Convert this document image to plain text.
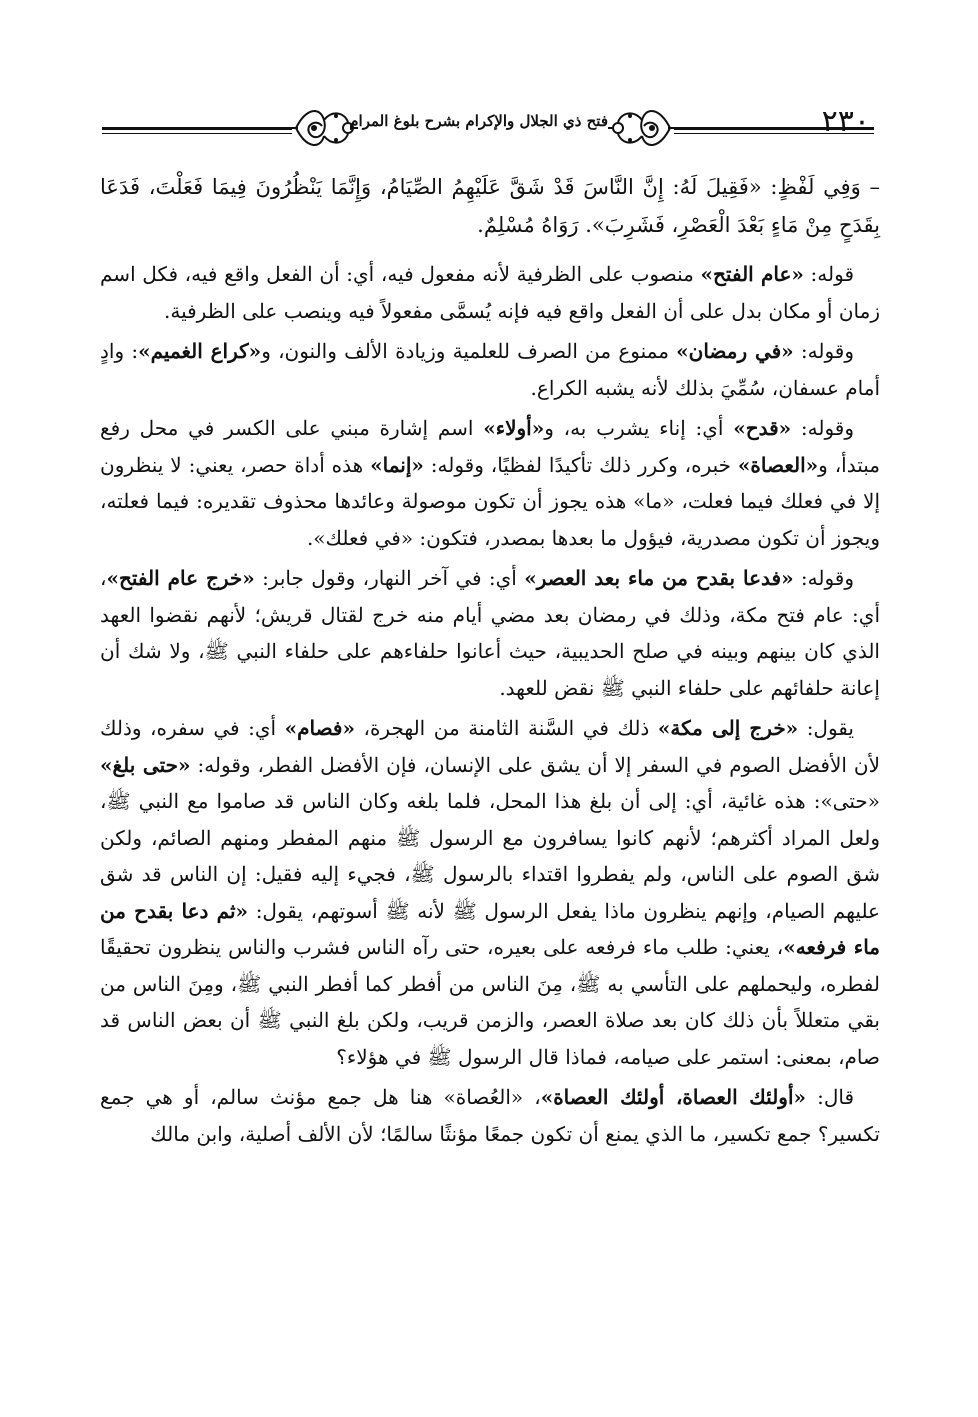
فتح ذي الجلال والإكرام بشرح بلوغ المرام	٢٣٠

– وَفِي لَفْظٍ: «فَقِيلَ لَهُ: إِنَّ النَّاسَ قَدْ شَقَّ عَلَيْهِمُ الصِّيَامُ، وَإِنَّمَا يَنْظُرُونَ فِيمَا فَعَلْتَ، فَدَعَا بِقَدَحٍ مِنْ مَاءٍ بَعْدَ الْعَصْرِ، فَشَرِبَ». رَوَاهُ مُسْلِمٌ.

قوله: «عام الفتح» منصوب على الظرفية لأنه مفعول فيه، أي: أن الفعل واقع فيه، فكل اسم زمان أو مكان بدل على أن الفعل واقع فيه فإنه يُسمَّى مفعولاً فيه وينصب على الظرفية.

وقوله: «في رمضان» ممنوع من الصرف للعلمية وزيادة الألف والنون، و«كراع الغميم»: وادٍ أمام عسفان، سُمِّيَ بذلك لأنه يشبه الكراع.

وقوله: «قدح» أي: إناء يشرب به، و«أولاء» اسم إشارة مبني على الكسر في محل رفع مبتدأ، و«العصاة» خبره، وكرر ذلك تأكيدًا لفظيًا، وقوله: «إنما» هذه أداة حصر، يعني: لا ينظرون إلا في فعلك فيما فعلت، «ما» هذه يجوز أن تكون موصولة وعائدها محذوف تقديره: فيما فعلته، ويجوز أن تكون مصدرية، فيؤول ما بعدها بمصدر، فتكون: «في فعلك».

وقوله: «فدعا بقدح من ماء بعد العصر» أي: في آخر النهار، وقول جابر: «خرج عام الفتح»، أي: عام فتح مكة، وذلك في رمضان بعد مضي أيام منه خرج لقتال قريش؛ لأنهم نقضوا العهد الذي كان بينهم وبينه في صلح الحديبية، حيث أعانوا حلفاءهم على حلفاء النبي ﷺ، ولا شك أن إعانة حلفائهم على حلفاء النبي ﷺ نقض للعهد.

يقول: «خرج إلى مكة» ذلك في السَّنة الثامنة من الهجرة، «فصام» أي: في سفره، وذلك لأن الأفضل الصوم في السفر إلا أن يشق على الإنسان، فإن الأفضل الفطر، وقوله: «حتى بلغ» «حتى»: هذه غائية، أي: إلى أن بلغ هذا المحل، فلما بلغه وكان الناس قد صاموا مع النبي ﷺ، ولعل المراد أكثرهم؛ لأنهم كانوا يسافرون مع الرسول ﷺ منهم المفطر ومنهم الصائم، ولكن شق الصوم على الناس، ولم يفطروا اقتداء بالرسول ﷺ، فجيء إليه فقيل: إن الناس قد شق عليهم الصيام، وإنهم ينظرون ماذا يفعل الرسول ﷺ لأنه ﷺ أسوتهم، يقول: «ثم دعا بقدح من ماء فرفعه»، يعني: طلب ماء فرفعه على بعيره، حتى رآه الناس فشرب والناس ينظرون تحقيقًا لفطره، وليحملهم على التأسي به ﷺ، مِنَ الناس من أفطر كما أفطر النبي ﷺ، ومِنَ الناس من بقي متعللاً بأن ذلك كان بعد صلاة العصر، والزمن قريب، ولكن بلغ النبي ﷺ أن بعض الناس قد صام، بمعنى: استمر على صيامه، فماذا قال الرسول ﷺ في هؤلاء؟

قال: «أولئك العصاة، أولئك العصاة»، «العُصاة» هنا هل جمع مؤنث سالم، أو هي جمع تكسير؟ جمع تكسير، ما الذي يمنع أن تكون جمعًا مؤنثًا سالمًا؛ لأن الألف أصلية، وابن مالك
